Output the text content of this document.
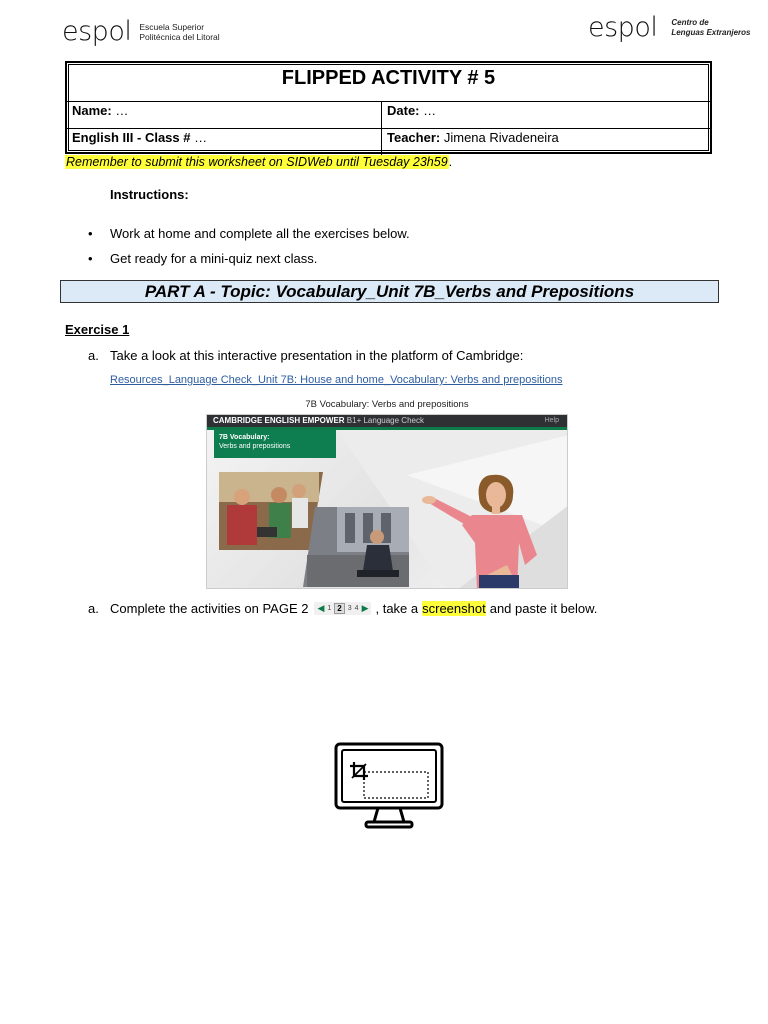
espol Escuela Superior
Politécnica del Litoral	espol Centro de
Lenguas Extranjeros
FLIPPED ACTIVITY # 5
Name: …	Date: …
English III - Class # …	Teacher: Jimena Rivadeneira
Remember to submit this worksheet on SIDWeb until Tuesday 23h59.
Instructions:
•	Work at home and complete all the exercises below.
•	Get ready for a mini-quiz next class.
PART A - Topic: Vocabulary_Unit 7B_Verbs and Prepositions
Exercise 1
a. Take a look at this interactive presentation in the platform of Cambridge:
Resources_Language Check_Unit 7B: House and home_Vocabulary: Verbs and prepositions
7B Vocabulary: Verbs and prepositions
CAMBRIDGE ENGLISH EMPOWER B1+ Language Check	Help
7B Vocabulary:
Verbs and prepositions
a. Complete the activities on PAGE 2 ◀ 1 2 3 4 ▶ , take a screenshot and paste it below.
